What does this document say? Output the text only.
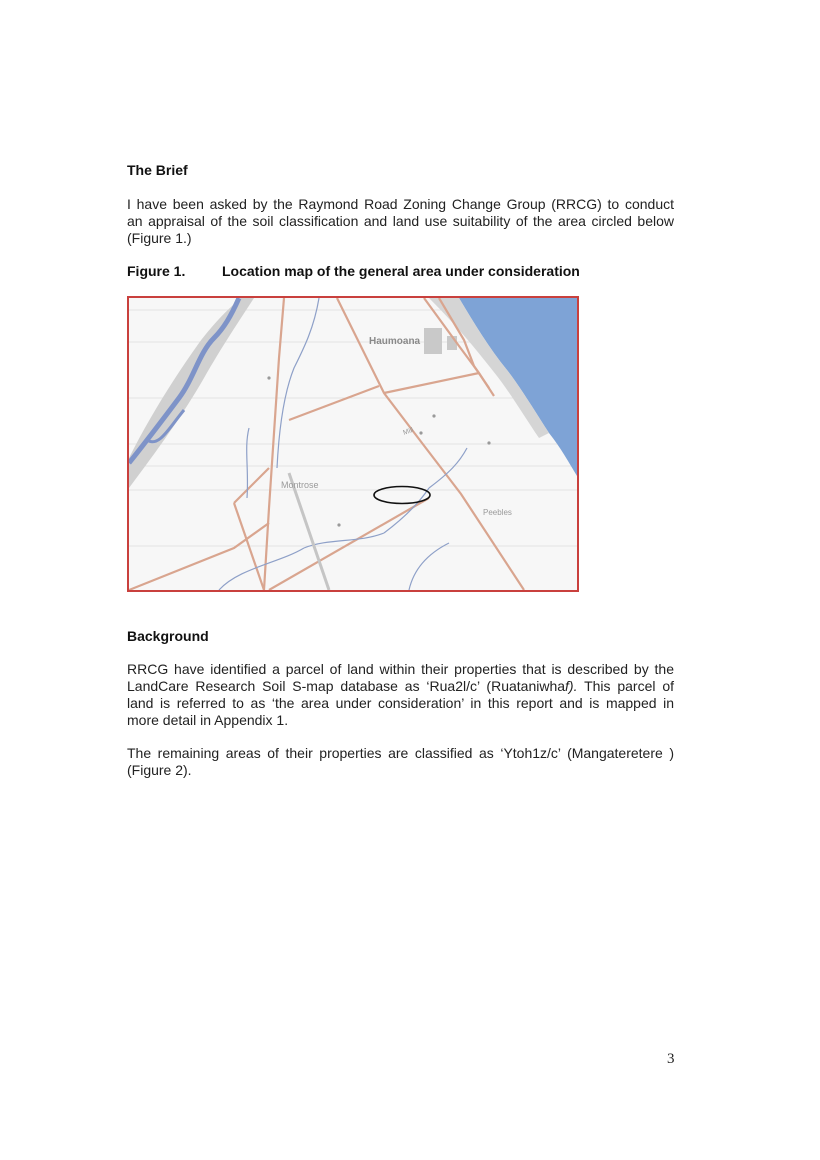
The Brief
I have been asked by the Raymond Road Zoning Change Group (RRCG) to conduct
an appraisal of the soil classification and land use suitability of the area circled below
(Figure 1.)
Figure 1.	Location map of the general area under consideration
Haumoana
Montrose
Peebles
Mill
Background
RRCG have identified a parcel of land within their properties that is described by the
LandCare Research Soil S-map database as ‘Rua2l/c’ (Ruataniwhaf). This parcel of
land is referred to as ‘the area under consideration’ in this report and is mapped in
more detail in Appendix 1.
The remaining areas of their properties are classified as ‘Ytoh1z/c’ (Mangateretere )
(Figure 2).
3
